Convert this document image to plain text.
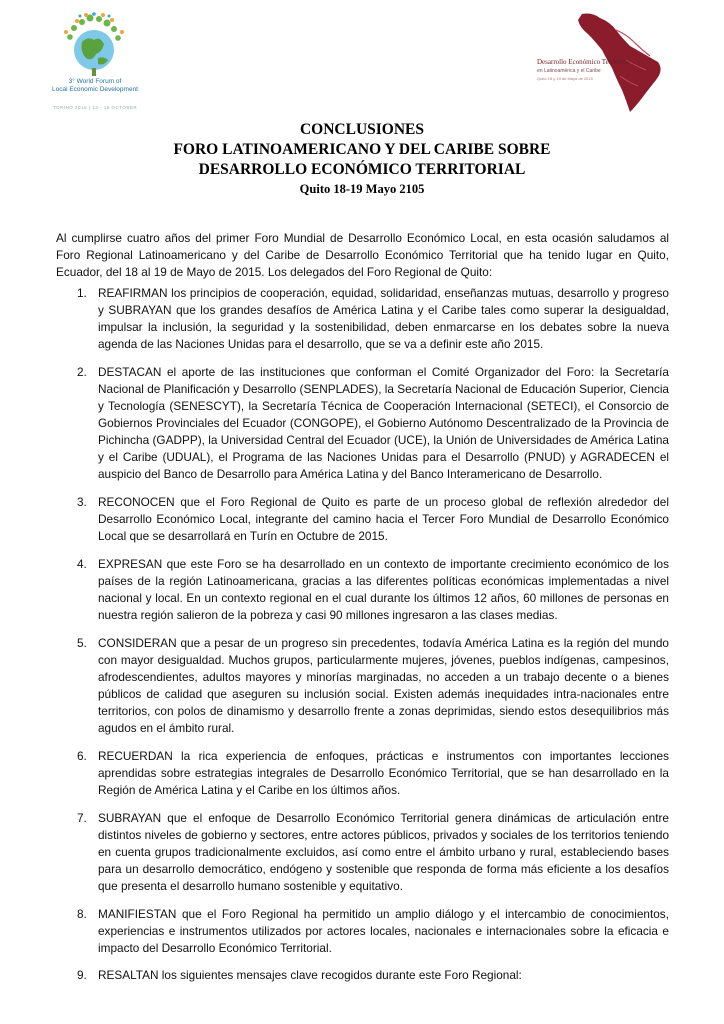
3° World Forum of
Local Economic Development
TORINO 2015 | 13 - 16 OCTOBER
Desarrollo Económico Territorial
en Latinoamérica y el Caribe
Quito 18 y 19 de Mayo de 2015
CONCLUSIONES
FORO LATINOAMERICANO Y DEL CARIBE SOBRE
DESARROLLO ECONÓMICO TERRITORIAL
Quito 18-19 Mayo 2105

Al cumplirse cuatro años del primer Foro Mundial de Desarrollo Económico Local, en esta ocasión saludamos al Foro Regional Latinoamericano y del Caribe de Desarrollo Económico Territorial que ha tenido lugar en Quito, Ecuador, del 18 al 19 de Mayo de 2015. Los delegados del Foro Regional de Quito:

1. REAFIRMAN los principios de cooperación, equidad, solidaridad, enseñanzas mutuas, desarrollo y progreso y SUBRAYAN que los grandes desafíos de América Latina y el Caribe tales como superar la desigualdad, impulsar la inclusión, la seguridad y la sostenibilidad, deben enmarcarse en los debates sobre la nueva agenda de las Naciones Unidas para el desarrollo, que se va a definir este año 2015.
2. DESTACAN el aporte de las instituciones que conforman el Comité Organizador del Foro: la Secretaría Nacional de Planificación y Desarrollo (SENPLADES), la Secretaría Nacional de Educación Superior, Ciencia y Tecnología (SENESCYT), la Secretaría Técnica de Cooperación Internacional (SETECI), el Consorcio de Gobiernos Provinciales del Ecuador (CONGOPE), el Gobierno Autónomo Descentralizado de la Provincia de Pichincha (GADPP), la Universidad Central del Ecuador (UCE), la Unión de Universidades de América Latina y el Caribe (UDUAL), el Programa de las Naciones Unidas para el Desarrollo (PNUD) y AGRADECEN el auspicio del Banco de Desarrollo para América Latina y del Banco Interamericano de Desarrollo.
3. RECONOCEN que el Foro Regional de Quito es parte de un proceso global de reflexión alrededor del Desarrollo Económico Local, integrante del camino hacia el Tercer Foro Mundial de Desarrollo Económico Local que se desarrollará en Turín en Octubre de 2015.
4. EXPRESAN que este Foro se ha desarrollado en un contexto de importante crecimiento económico de los países de la región Latinoamericana, gracias a las diferentes políticas económicas implementadas a nivel nacional y local. En un contexto regional en el cual durante los últimos 12 años, 60 millones de personas en nuestra región salieron de la pobreza y casi 90 millones ingresaron a las clases medias.
5. CONSIDERAN que a pesar de un progreso sin precedentes, todavía América Latina es la región del mundo con mayor desigualdad. Muchos grupos, particularmente mujeres, jóvenes, pueblos indígenas, campesinos, afrodescendientes, adultos mayores y minorías marginadas, no acceden a un trabajo decente o a bienes públicos de calidad que aseguren su inclusión social. Existen además inequidades intra-nacionales entre territorios, con polos de dinamismo y desarrollo frente a zonas deprimidas, siendo estos desequilibrios más agudos en el ámbito rural.
6. RECUERDAN la rica experiencia de enfoques, prácticas e instrumentos con importantes lecciones aprendidas sobre estrategias integrales de Desarrollo Económico Territorial, que se han desarrollado en la Región de América Latina y el Caribe en los últimos años.
7. SUBRAYAN que el enfoque de Desarrollo Económico Territorial genera dinámicas de articulación entre distintos niveles de gobierno y sectores, entre actores públicos, privados y sociales de los territorios teniendo en cuenta grupos tradicionalmente excluidos, así como entre el ámbito urbano y rural, estableciendo bases para un desarrollo democrático, endógeno y sostenible que responda de forma más eficiente a los desafíos que presenta el desarrollo humano sostenible y equitativo.
8. MANIFIESTAN que el Foro Regional ha permitido un amplio diálogo y el intercambio de conocimientos, experiencias e instrumentos utilizados por actores locales, nacionales e internacionales sobre la eficacia e impacto del Desarrollo Económico Territorial.
9. RESALTAN los siguientes mensajes clave recogidos durante este Foro Regional:
